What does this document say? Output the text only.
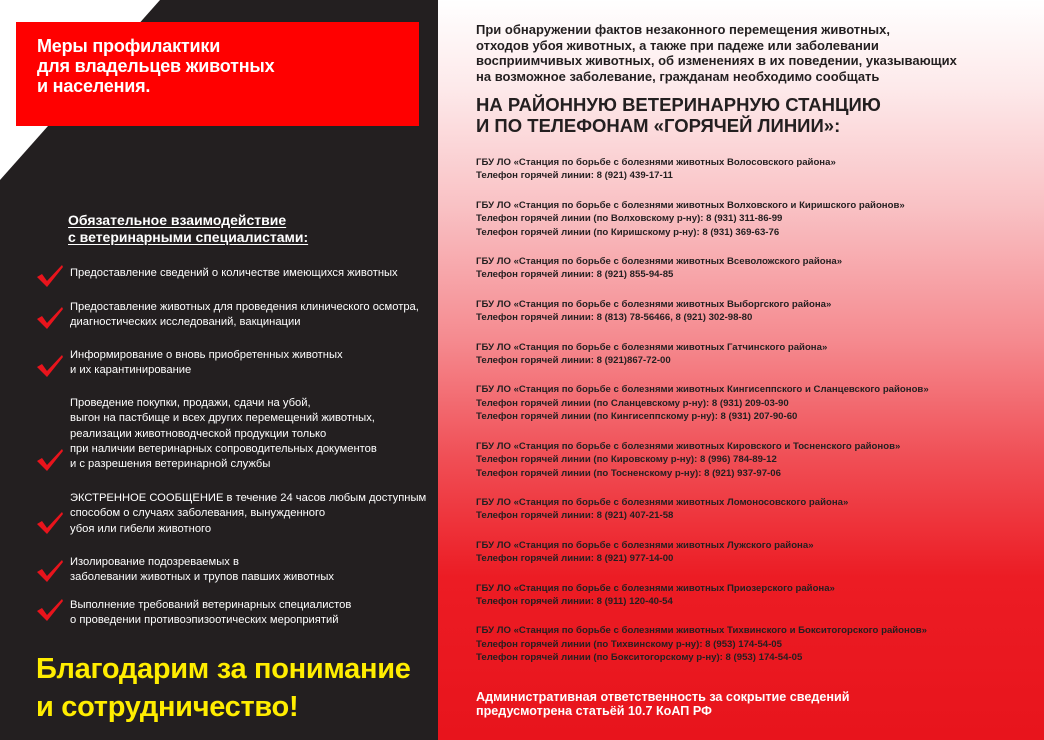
Меры профилактики
для владельцев животных
и населения.
Обязательное взаимодействие
с ветеринарными специалистами:
Предоставление сведений о количестве имеющихся животных
Предоставление животных для проведения клинического осмотра,
диагностических исследований, вакцинации
Информирование о вновь приобретенных животных
и их карантинирование
Проведение покупки, продажи, сдачи на убой,
выгон на пастбище и всех других перемещений животных,
реализации животноводческой продукции только
при наличии ветеринарных сопроводительных документов
и с разрешения ветеринарной службы
ЭКСТРЕННОЕ СООБЩЕНИЕ в течение 24 часов любым доступным
способом о случаях заболевания, вынужденного
убоя или гибели животного
Изолирование подозреваемых в
заболевании животных и трупов павших животных
Выполнение требований ветеринарных специалистов
о проведении противоэпизоотических мероприятий
Благодарим за понимание
и сотрудничество!
При обнаружении фактов незаконного перемещения животных,
отходов убоя животных, а также при падеже или заболевании
восприимчивых животных, об изменениях в их поведении, указывающих
на возможное заболевание, гражданам необходимо сообщать
НА РАЙОННУЮ ВЕТЕРИНАРНУЮ СТАНЦИЮ
И ПО ТЕЛЕФОНАМ «ГОРЯЧЕЙ ЛИНИИ»:
ГБУ ЛО «Станция по борьбе с болезнями животных Волосовского района»
Телефон горячей линии: 8 (921) 439-17-11
ГБУ ЛО «Станция по борьбе с болезнями животных Волховского и Киришского районов»
Телефон горячей линии (по Волховскому р-ну): 8 (931) 311-86-99
Телефон горячей линии (по Киришскому р-ну): 8 (931) 369-63-76
ГБУ ЛО «Станция по борьбе с болезнями животных Всеволожского района»
Телефон горячей линии: 8 (921) 855-94-85
ГБУ ЛО «Станция по борьбе с болезнями животных Выборгского района»
Телефон горячей линии: 8 (813) 78-56466, 8 (921) 302-98-80
ГБУ ЛО «Станция по борьбе с болезнями животных Гатчинского района»
Телефон горячей линии: 8 (921)867-72-00
ГБУ ЛО «Станция по борьбе с болезнями животных Кингисеппского и Сланцевского районов»
Телефон горячей линии (по Сланцевскому р-ну): 8 (931) 209-03-90
Телефон горячей линии (по Кингисеппскому р-ну): 8 (931) 207-90-60
ГБУ ЛО «Станция по борьбе с болезнями животных Кировского и Тосненского районов»
Телефон горячей линии (по Кировскому р-ну): 8 (996) 784-89-12
Телефон горячей линии (по Тосненскому р-ну): 8 (921) 937-97-06
ГБУ ЛО «Станция по борьбе с болезнями животных Ломоносовского района»
Телефон горячей линии: 8 (921) 407-21-58
ГБУ ЛО «Станция по борьбе с болезнями животных Лужского района»
Телефон горячей линии: 8 (921) 977-14-00
ГБУ ЛО «Станция по борьбе с болезнями животных Приозерского района»
Телефон горячей линии: 8 (911) 120-40-54
ГБУ ЛО «Станция по борьбе с болезнями животных Тихвинского и Бокситогорского районов»
Телефон горячей линии (по Тихвинскому р-ну): 8 (953) 174-54-05
Телефон горячей линии (по Бокситогорскому р-ну): 8 (953) 174-54-05
Административная ответственность за сокрытие сведений
предусмотрена статьёй 10.7 КоАП РФ
